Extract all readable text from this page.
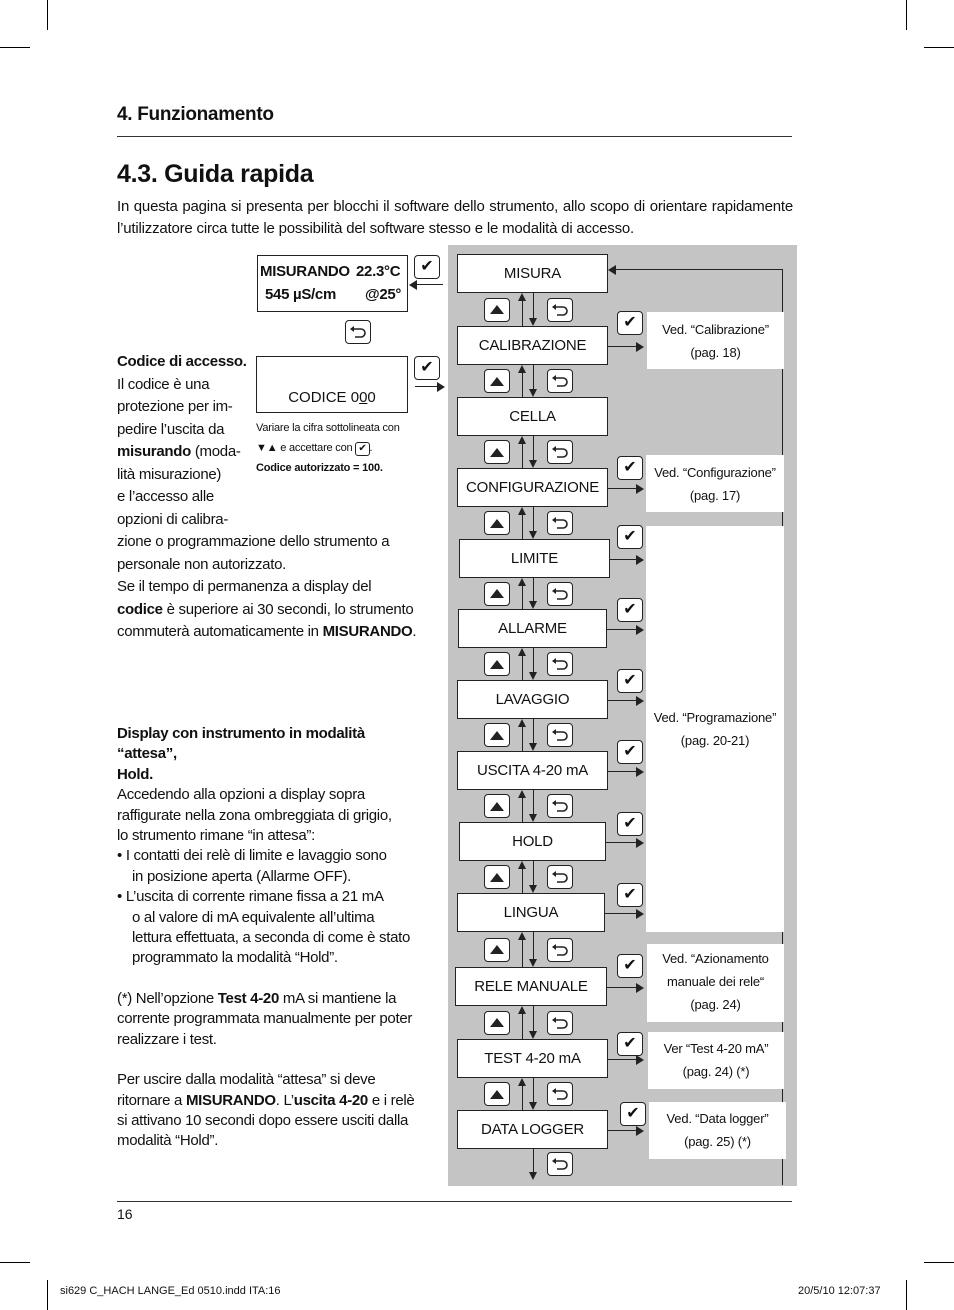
4. Funzionamento
4.3. Guida rapida
In questa pagina si presenta per blocchi il software dello strumento, allo scopo di orientare rapidamente l’utilizzatore circa tutte le possibilità del software stesso e le modalità di accesso.
MISURANDO 22.3°C
545 µS/cm	@25°
✔
CODICE 0 0 0
✔
Variare la cifra sottolineata con
▼▲ e accettare con ✔ .
Codice autorizzato = 100.
Codice di accesso.
Il codice è una
protezione per im-
pedire l’uscita da
misurando (moda-
lità misurazione)
e l’accesso alle
opzioni di calibra-
zione o programmazione dello strumento a
personale non autorizzato.
Se il tempo di permanenza a display del
codice è superiore ai 30 secondi, lo strumento
commuterà automaticamente in MISURANDO.
Display con instrumento in modalità “attesa”,
Hold.
Accedendo alla opzioni a display sopra
raffigurate nella zona ombreggiata di grigio,
lo strumento rimane “in attesa”:
• I contatti dei relè di limite e lavaggio sono
in posizione aperta (Allarme OFF).
• L’uscita di corrente rimane fissa a 21 mA
o al valore di mA equivalente all’ultima
lettura effettuata, a seconda di come è stato
programmato la modalità “Hold”.
(*) Nell’opzione Test 4-20 mA si mantiene la
corrente programmata manualmente per poter
realizzare i test.
Per uscire dalla modalità “attesa” si deve
ritornare a MISURANDO. L’uscita 4-20 e i relè
si attivano 10 secondi dopo essere usciti dalla
modalità “Hold”.
MISURA
CALIBRAZIONE
✔
CELLA
CONFIGURAZIONE
✔
LIMITE
✔
ALLARME
✔
LAVAGGIO
✔
USCITA 4-20 mA
✔
HOLD
✔
LINGUA
✔
RELE MANUALE
✔
TEST 4-20 mA
✔
DATA LOGGER
✔
Ved. “Calibrazione”
(pag. 18)
Ved. “Configurazione”
(pag. 17)
Ved. “Programazione”
(pag. 20-21)
Ved. “Azionamento
manuale dei rele“
(pag. 24)
Ver “Test 4-20 mA”
(pag. 24) (*)
Ved. “Data logger”
(pag. 25) (*)
16
si629 C_HACH LANGE_Ed 0510.indd ITA:16	20/5/10 12:07:37
